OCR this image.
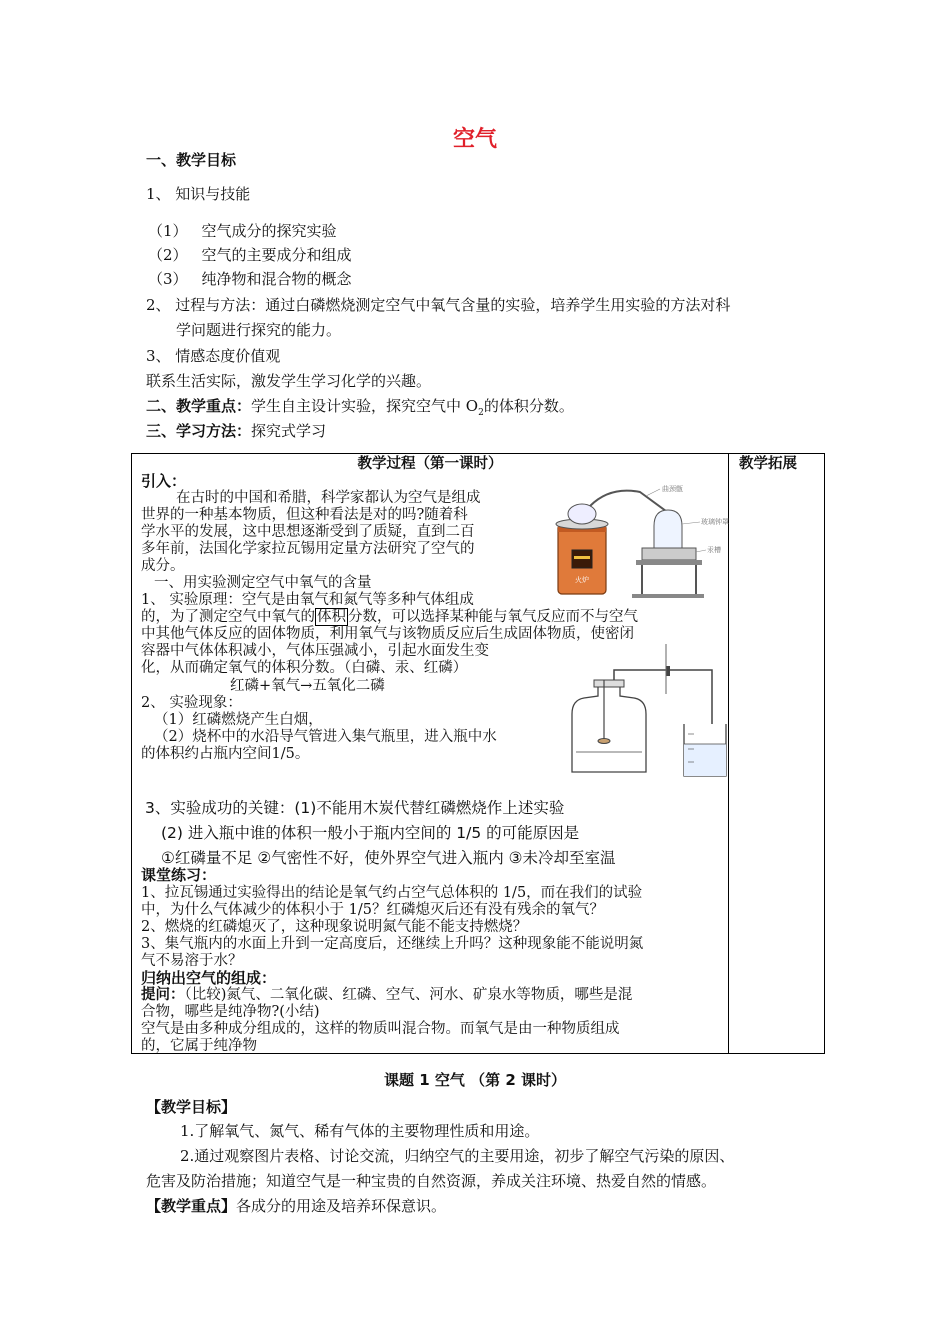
空气
一、教学目标
1、 知识与技能
（1） 空气成分的探究实验
（2） 空气的主要成分和组成
（3） 纯净物和混合物的概念
2、 过程与方法：通过白磷燃烧测定空气中氧气含量的实验，培养学生用实验的方法对科
学问题进行探究的能力。
3、 情感态度价值观
联系生活实际，激发学生学习化学的兴趣。
二、教学重点：学生自主设计实验，探究空气中 $O_2$的体积分数。
三、学习方法：探究式学习
教学过程（第一课时）
引入：
在古时的中国和希腊，科学家都认为空气是组成
世界的一种基本物质，但这种看法是对的吗?随着科
学水平的发展，这中思想逐渐受到了质疑，直到二百
多年前，法国化学家拉瓦锡用定量方法研究了空气的
成分。
一、用实验测定空气中氧气的含量
1、 实验原理：空气是由氧气和氮气等多种气体组成
的，为了测定空气中氧气的 体积 分数，可以选择某种能与氧气反应而不与空气
中其他气体反应的固体物质，利用氧气与该物质反应后生成固体物质，使密闭
容器中气体体积减小，气体压强减小，引起水面发生变
化，从而确定氧气的体积分数。（白磷、汞、红磷）
红磷+氧气→五氧化二磷
2、 实验现象：
（1）红磷燃烧产生白烟，
（2）烧杯中的水沿导气管进入集气瓶里，进入瓶中水
的体积约占瓶内空间1/5。
3、实验成功的关键：(1)不能用木炭代替红磷燃烧作上述实验
(2) 进入瓶中谁的体积一般小于瓶内空间的 1/5 的可能原因是
①红磷量不足 ②气密性不好，使外界空气进入瓶内 ③未冷却至室温
课堂练习：
1、拉瓦锡通过实验得出的结论是氧气约占空气总体积的 1/5，而在我们的试验
中，为什么气体减少的体积小于 1/5？红磷熄灭后还有没有残余的氧气？
2、燃烧的红磷熄灭了，这种现象说明氮气能不能支持燃烧？
3、集气瓶内的水面上升到一定高度后，还继续上升吗？这种现象能不能说明氮
气不易溶于水？
归纳出空气的组成：
提问：（比较)氮气、二氧化碳、红磷、空气、河水、矿泉水等物质，哪些是混
合物，哪些是纯净物?(小结)
空气是由多种成分组成的，这样的物质叫混合物。而氧气是由一种物质组成
的，它属于纯净物
火炉
曲颈甑
玻璃钟罩
汞槽

教学拓展
课题 1 空气 （第 2 课时）
【教学目标】
1.了解氧气、氮气、稀有气体的主要物理性质和用途。
2.通过观察图片表格、讨论交流，归纳空气的主要用途，初步了解空气污染的原因、
危害及防治措施；知道空气是一种宝贵的自然资源，养成关注环境、热爱自然的情感。
【教学重点】各成分的用途及培养环保意识。
